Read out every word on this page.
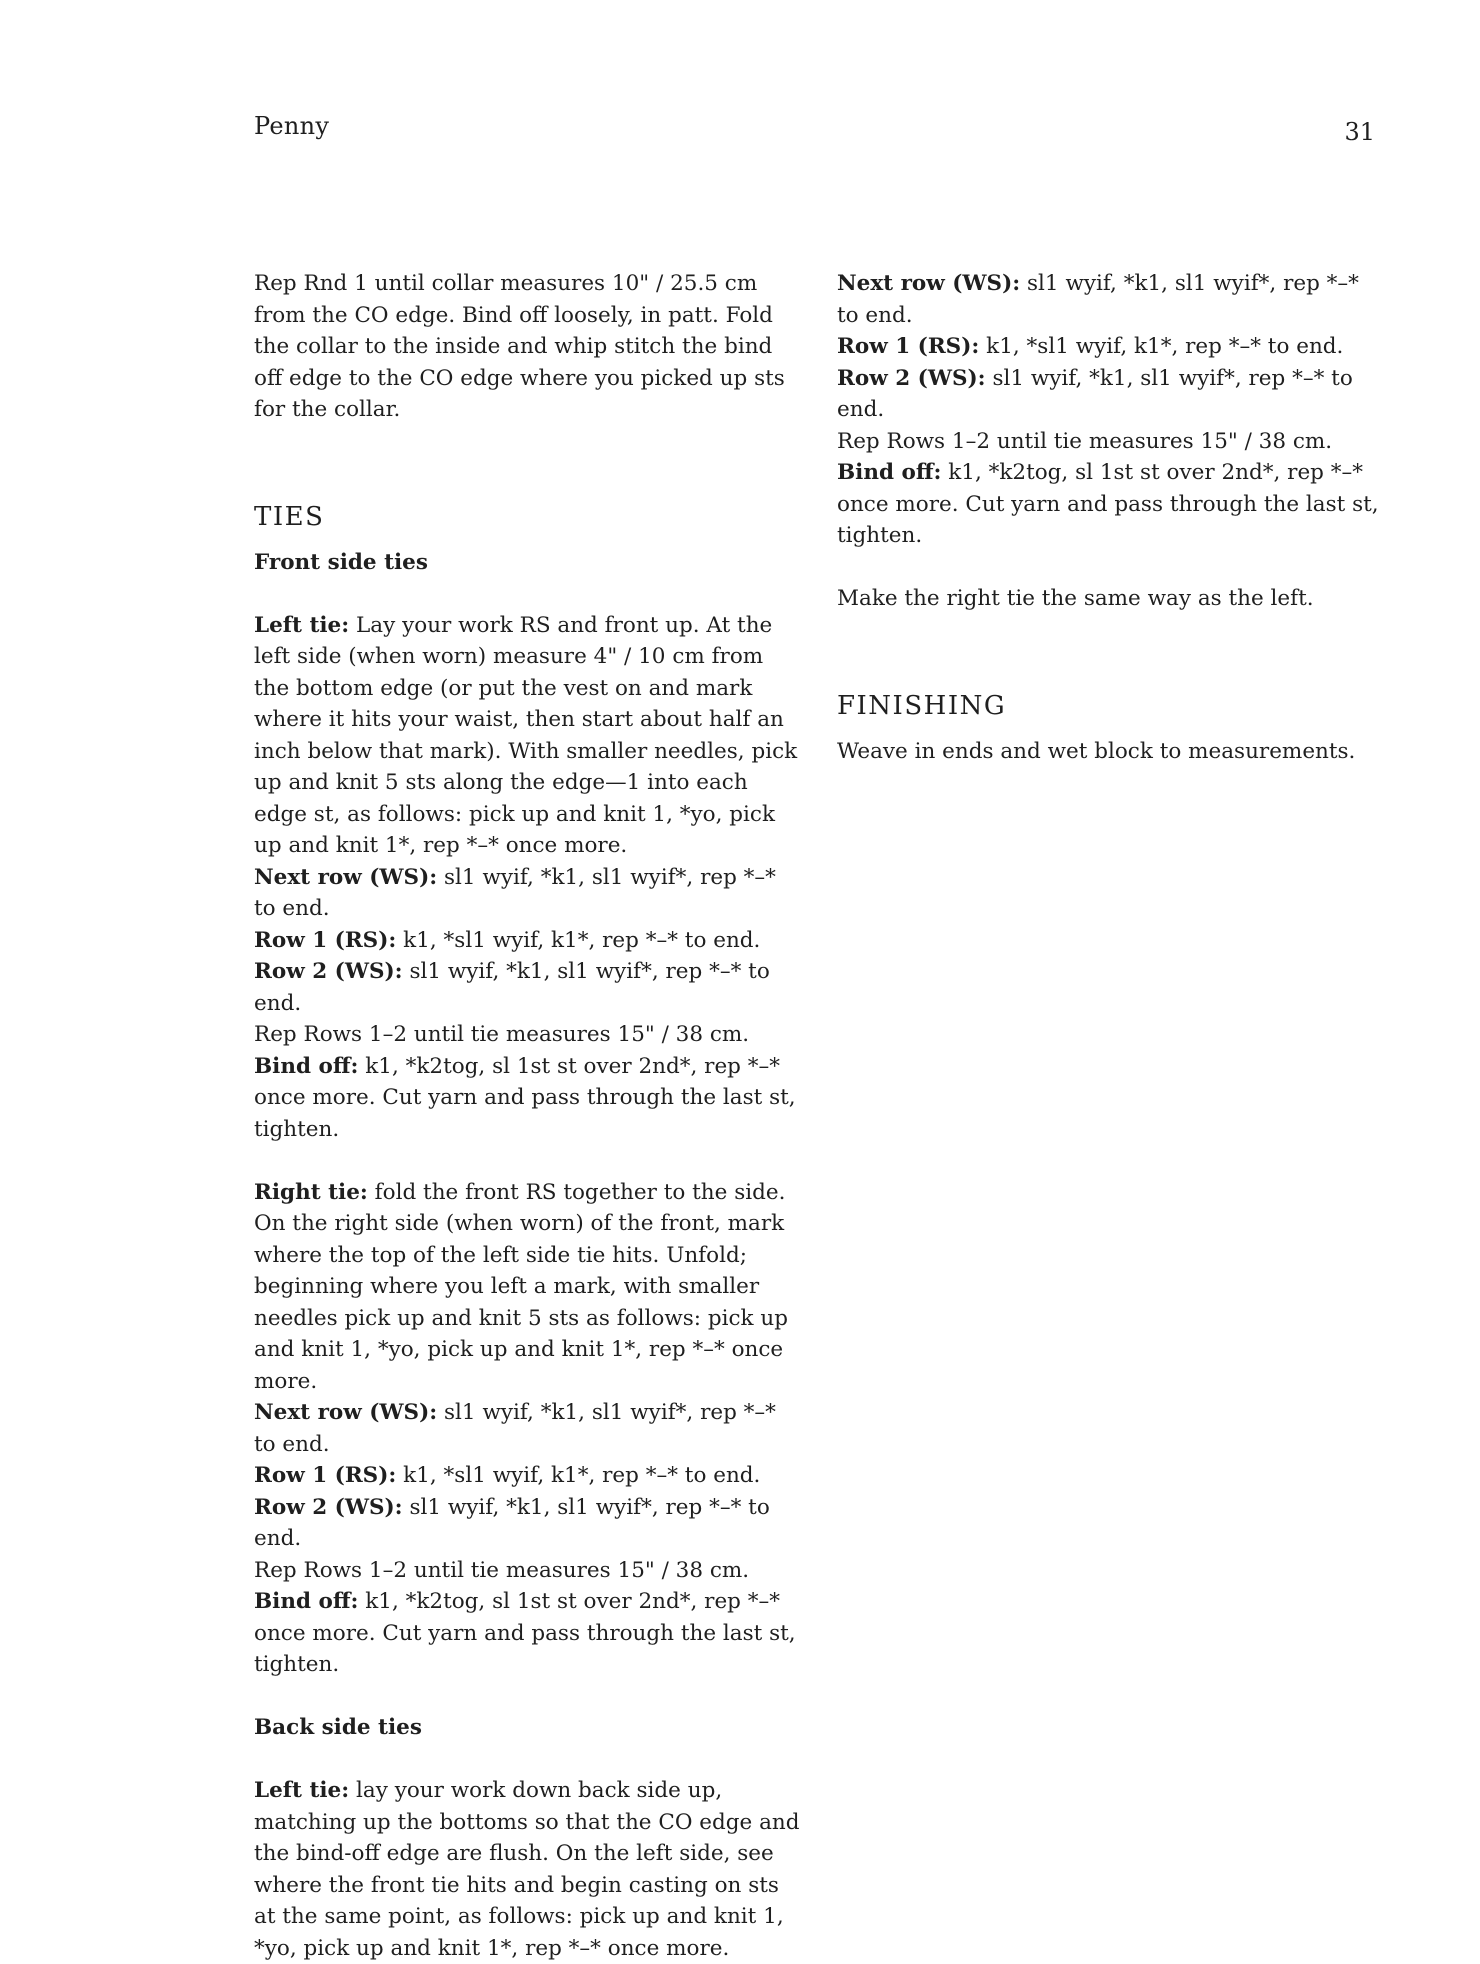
Penny	31

Rep Rnd 1 until collar measures 10" / 25.5 cm from the CO edge. Bind off loosely, in patt. Fold the collar to the inside and whip stitch the bind off edge to the CO edge where you picked up sts for the collar.

TIES

Front side ties

Left tie: Lay your work RS and front up. At the left side (when worn) measure 4" / 10 cm from the bottom edge (or put the vest on and mark where it hits your waist, then start about half an inch below that mark). With smaller needles, pick up and knit 5 sts along the edge—1 into each edge st, as follows: pick up and knit 1, *yo, pick up and knit 1*, rep *–* once more.

Next row (WS): sl1 wyif, *k1, sl1 wyif*, rep *–* to end.

Row 1 (RS): k1, *sl1 wyif, k1*, rep *–* to end.

Row 2 (WS): sl1 wyif, *k1, sl1 wyif*, rep *–* to end.

Rep Rows 1–2 until tie measures 15" / 38 cm.

Bind off: k1, *k2tog, sl 1st st over 2nd*, rep *–* once more. Cut yarn and pass through the last st, tighten.

Right tie: fold the front RS together to the side. On the right side (when worn) of the front, mark where the top of the left side tie hits. Unfold; beginning where you left a mark, with smaller needles pick up and knit 5 sts as follows: pick up and knit 1, *yo, pick up and knit 1*, rep *–* once more.

Next row (WS): sl1 wyif, *k1, sl1 wyif*, rep *–* to end.

Row 1 (RS): k1, *sl1 wyif, k1*, rep *–* to end.

Row 2 (WS): sl1 wyif, *k1, sl1 wyif*, rep *–* to end.

Rep Rows 1–2 until tie measures 15" / 38 cm.

Bind off: k1, *k2tog, sl 1st st over 2nd*, rep *–* once more. Cut yarn and pass through the last st, tighten.

Back side ties

Left tie: lay your work down back side up, matching up the bottoms so that the CO edge and the bind-off edge are flush. On the left side, see where the front tie hits and begin casting on sts at the same point, as follows: pick up and knit 1, *yo, pick up and knit 1*, rep *–* once more.

Next row (WS): sl1 wyif, *k1, sl1 wyif*, rep *–* to end.

Row 1 (RS): k1, *sl1 wyif, k1*, rep *–* to end.

Row 2 (WS): sl1 wyif, *k1, sl1 wyif*, rep *–* to end.

Rep Rows 1–2 until tie measures 15" / 38 cm.

Bind off: k1, *k2tog, sl 1st st over 2nd*, rep *–* once more. Cut yarn and pass through the last st, tighten.

Make the right tie the same way as the left.

FINISHING

Weave in ends and wet block to measurements.
